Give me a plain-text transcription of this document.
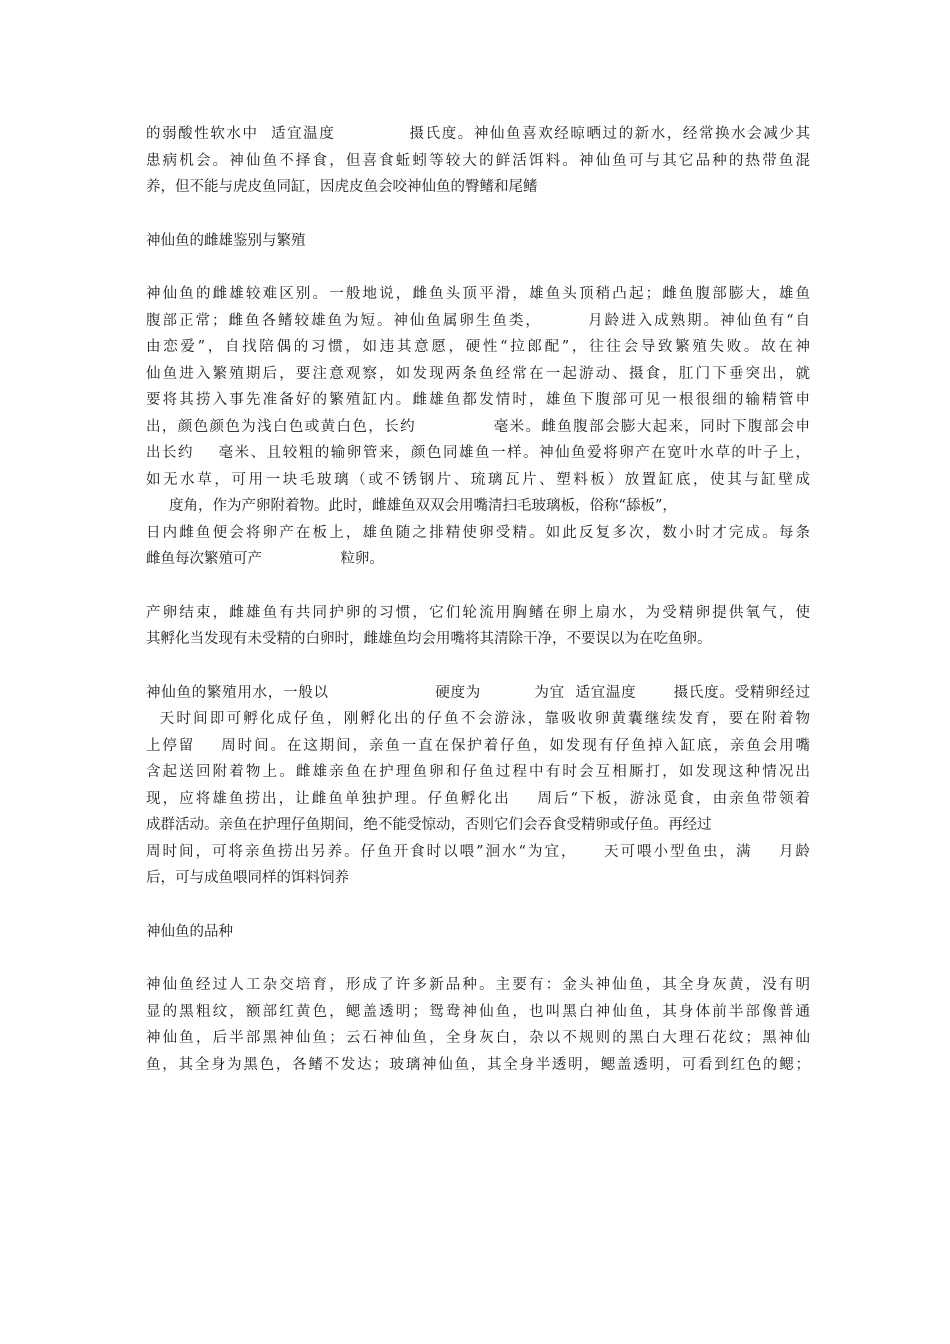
的弱酸性软水中  适宜温度            摄氏度。神仙鱼喜欢经晾晒过的新水，经常换水会减少其
患病机会。神仙鱼不择食，但喜食蚯蚓等较大的鲜活饵料。神仙鱼可与其它品种的热带鱼混
养，但不能与虎皮鱼同缸，因虎皮鱼会咬神仙鱼的臀鳍和尾鳍
神仙鱼的雌雄鉴别与繁殖
神仙鱼的雌雄较难区别。一般地说，雌鱼头顶平滑，雄鱼头顶稍凸起；雌鱼腹部膨大，雄鱼
腹部正常；雌鱼各鳍较雄鱼为短。神仙鱼属卵生鱼类，       月龄进入成熟期。神仙鱼有“自
由恋爱”，自找陪偶的习惯，如违其意愿，硬性“拉郎配”，往往会导致繁殖失败。故在神
仙鱼进入繁殖期后，要注意观察，如发现两条鱼经常在一起游动、摄食，肛门下垂突出，就
要将其捞入事先准备好的繁殖缸内。雌雄鱼都发情时，雄鱼下腹部可见一根很细的输精管申
出，颜色颜色为浅白色或黄白色，长约             毫米。雌鱼腹部会膨大起来，同时下腹部会申
出长约    毫米、且较粗的输卵管来，颜色同雄鱼一样。神仙鱼爱将卵产在宽叶水草的叶子上，
如无水草，可用一块毛玻璃（或不锈钢片、琉璃瓦片、塑料板）放置缸底，使其与缸壁成
度角，作为产卵附着物。此时，雌雄鱼双双会用嘴清扫毛玻璃板，俗称“舔板”，
日内雌鱼便会将卵产在板上，雄鱼随之排精使卵受精。如此反复多次，数小时才完成。每条
雌鱼每次繁殖可产                 粒卵。
产卵结束，雌雄鱼有共同护卵的习惯，它们轮流用胸鳍在卵上扇水，为受精卵提供氧气，使
其孵化当发现有未受精的白卵时，雌雄鱼均会用嘴将其清除干净，不要误以为在吃鱼卵。
神仙鱼的繁殖用水，一般以                    硬度为          为宜  适宜温度       摄氏度。受精卵经过
天时间即可孵化成仔鱼，刚孵化出的仔鱼不会游泳，靠吸收卵黄囊继续发育，要在附着物
上停留    周时间。在这期间，亲鱼一直在保护着仔鱼，如发现有仔鱼掉入缸底，亲鱼会用嘴
含起送回附着物上。雌雄亲鱼在护理鱼卵和仔鱼过程中有时会互相厮打，如发现这种情况出
现，应将雄鱼捞出，让雌鱼单独护理。仔鱼孵化出    周后“下板，游泳觅食，由亲鱼带领着
成群活动。亲鱼在护理仔鱼期间，绝不能受惊动，否则它们会吞食受精卵或仔鱼。再经过
周时间，可将亲鱼捞出另养。仔鱼开食时以喂”洄水“为宜，    天可喂小型鱼虫，满    月龄
后，可与成鱼喂同样的饵料饲养
神仙鱼的品种
神仙鱼经过人工杂交培育，形成了许多新品种。主要有：金头神仙鱼，其全身灰黄，没有明
显的黑粗纹，额部红黄色，鳃盖透明；鸳鸯神仙鱼，也叫黑白神仙鱼，其身体前半部像普通
神仙鱼，后半部黑神仙鱼；云石神仙鱼，全身灰白，杂以不规则的黑白大理石花纹；黑神仙
鱼，其全身为黑色，各鳍不发达；玻璃神仙鱼，其全身半透明，鳃盖透明，可看到红色的鳃；
